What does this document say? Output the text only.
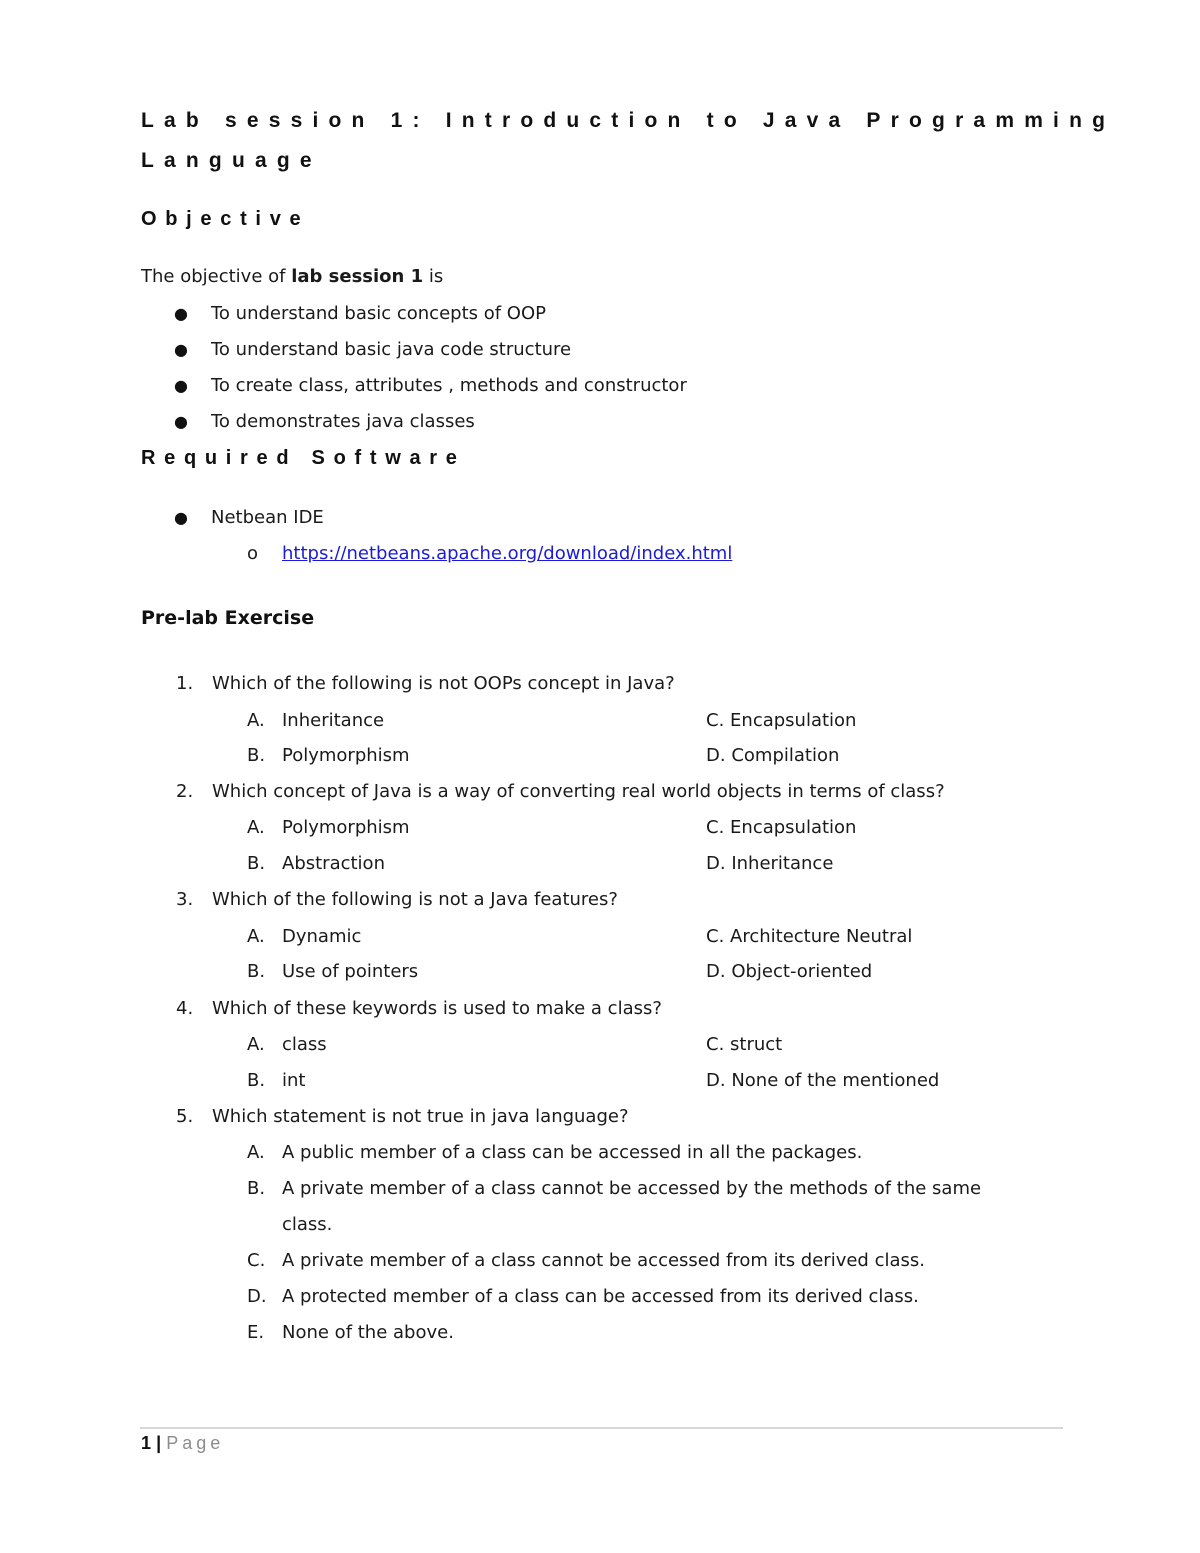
Lab session 1: Introduction to Java Programming
Language
Objective
The objective of lab session 1 is
● To understand basic concepts of OOP
● To understand basic java code structure
● To create class, attributes , methods and constructor
● To demonstrates java classes
Required Software
● Netbean IDE
o https://netbeans.apache.org/download/index.html
Pre-lab Exercise
1. Which of the following is not OOPs concept in Java?
A. Inheritance	C. Encapsulation
B. Polymorphism	D. Compilation
2. Which concept of Java is a way of converting real world objects in terms of class?
A. Polymorphism	C. Encapsulation
B. Abstraction	D. Inheritance
3. Which of the following is not a Java features?
A. Dynamic	C. Architecture Neutral
B. Use of pointers	D. Object-oriented
4. Which of these keywords is used to make a class?
A. class	C. struct
B. int	D. None of the mentioned
5. Which statement is not true in java language?
A. A public member of a class can be accessed in all the packages.
B. A private member of a class cannot be accessed by the methods of the same
class.
C. A private member of a class cannot be accessed from its derived class.
D. A protected member of a class can be accessed from its derived class.
E. None of the above.
1 | Page
